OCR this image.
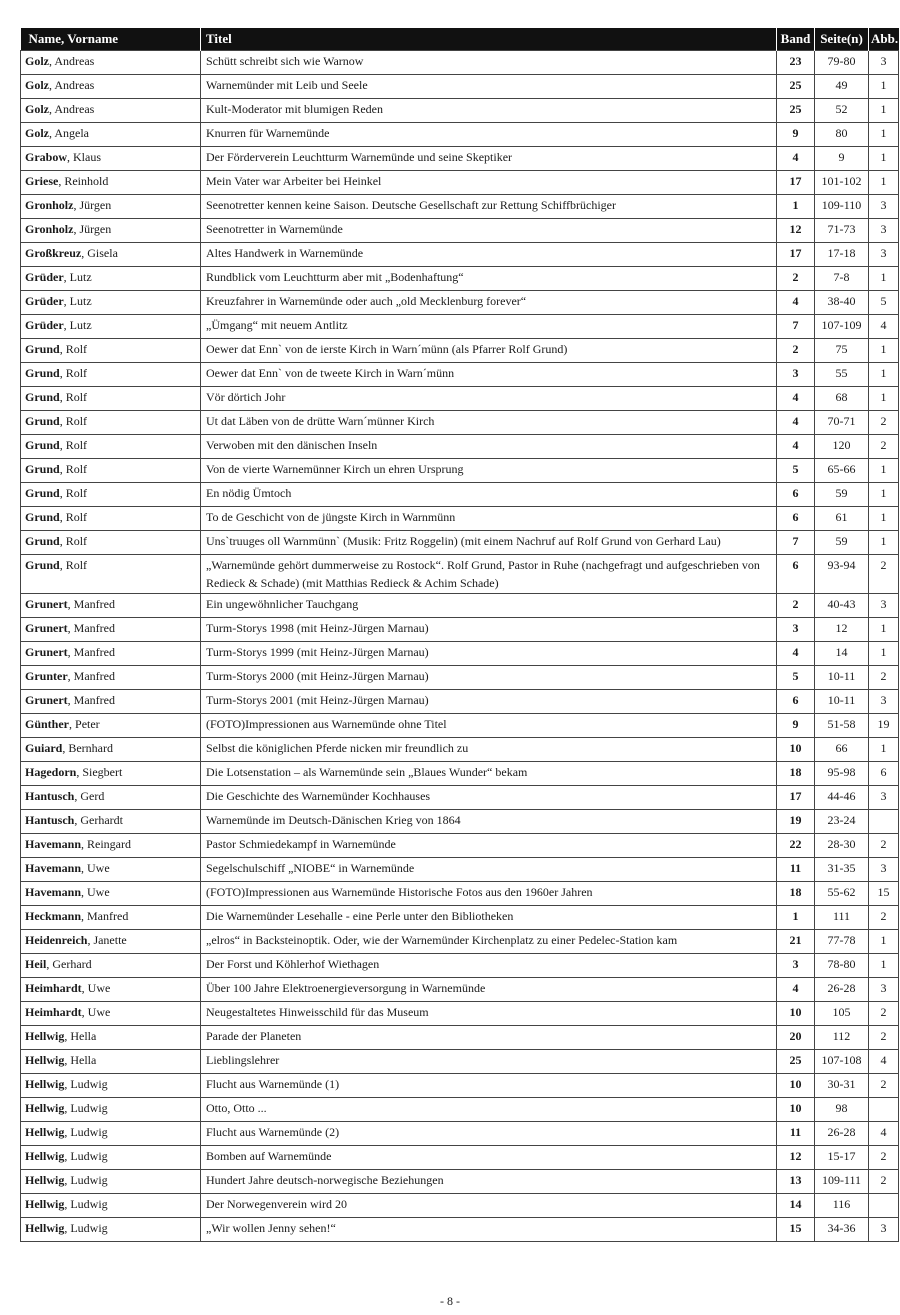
Name, Vorname	Titel	Band	Seite(n)	Abb.
Golz, Andreas	Schütt schreibt sich wie Warnow	23	79-80	3
Golz, Andreas	Warnemünder mit Leib und Seele	25	49	1
Golz, Andreas	Kult-Moderator mit blumigen Reden	25	52	1
Golz, Angela	Knurren für Warnemünde	9	80	1
Grabow, Klaus	Der Förderverein Leuchtturm Warnemünde und seine Skeptiker	4	9	1
Griese, Reinhold	Mein Vater war Arbeiter bei Heinkel	17	101-102	1
Gronholz, Jürgen	Seenotretter kennen keine Saison. Deutsche Gesellschaft zur Rettung Schiffbrüchiger	1	109-110	3
Gronholz, Jürgen	Seenotretter in Warnemünde	12	71-73	3
Großkreuz, Gisela	Altes Handwerk in Warnemünde	17	17-18	3
Grüder, Lutz	Rundblick vom Leuchtturm aber mit „Bodenhaftung“	2	7-8	1
Grüder, Lutz	Kreuzfahrer in Warnemünde oder auch „old Mecklenburg forever“	4	38-40	5
Grüder, Lutz	„Ümgang“ mit neuem Antlitz	7	107-109	4
Grund, Rolf	Oewer dat Enn` von de ierste Kirch in Warn´münn (als Pfarrer Rolf Grund)	2	75	1
Grund, Rolf	Oewer dat Enn` von de tweete Kirch in Warn´münn	3	55	1
Grund, Rolf	Vör dörtich Johr	4	68	1
Grund, Rolf	Ut dat Läben von de drütte Warn´münner Kirch	4	70-71	2
Grund, Rolf	Verwoben mit den dänischen Inseln	4	120	2
Grund, Rolf	Von de vierte Warnemünner Kirch un ehren Ursprung	5	65-66	1
Grund, Rolf	En nödig Ümtoch	6	59	1
Grund, Rolf	To de Geschicht von de jüngste Kirch in Warnmünn	6	61	1
Grund, Rolf	Uns`truuges oll Warnmünn` (Musik: Fritz Roggelin) (mit einem Nachruf auf Rolf Grund von Gerhard Lau)	7	59	1
Grund, Rolf	„Warnemünde gehört dummerweise zu Rostock“. Rolf Grund, Pastor in Ruhe (nachgefragt und aufgeschrieben von Redieck & Schade) (mit Matthias Redieck & Achim Schade)	6	93-94	2
Grunert, Manfred	Ein ungewöhnlicher Tauchgang	2	40-43	3
Grunert, Manfred	Turm-Storys 1998 (mit Heinz-Jürgen Marnau)	3	12	1
Grunert, Manfred	Turm-Storys 1999 (mit Heinz-Jürgen Marnau)	4	14	1
Grunter, Manfred	Turm-Storys 2000 (mit Heinz-Jürgen Marnau)	5	10-11	2
Grunert, Manfred	Turm-Storys 2001 (mit Heinz-Jürgen Marnau)	6	10-11	3
Günther, Peter	(FOTO)Impressionen aus Warnemünde ohne Titel	9	51-58	19
Guiard, Bernhard	Selbst die königlichen Pferde nicken mir freundlich zu	10	66	1
Hagedorn, Siegbert	Die Lotsenstation – als Warnemünde sein „Blaues Wunder“ bekam	18	95-98	6
Hantusch, Gerd	Die Geschichte des Warnemünder Kochhauses	17	44-46	3
Hantusch, Gerhardt	Warnemünde im Deutsch-Dänischen Krieg von 1864	19	23-24	
Havemann, Reingard	Pastor Schmiedekampf in Warnemünde	22	28-30	2
Havemann, Uwe	Segelschulschiff „NIOBE“ in Warnemünde	11	31-35	3
Havemann, Uwe	(FOTO)Impressionen aus Warnemünde Historische Fotos aus den 1960er Jahren	18	55-62	15
Heckmann, Manfred	Die Warnemünder Lesehalle - eine Perle unter den Bibliotheken	1	111	2
Heidenreich, Janette	„elros“ in Backsteinoptik. Oder, wie der Warnemünder Kirchenplatz zu einer Pedelec-Station kam	21	77-78	1
Heil, Gerhard	Der Forst und Köhlerhof Wiethagen	3	78-80	1
Heimhardt, Uwe	Über 100 Jahre Elektroenergieversorgung in Warnemünde	4	26-28	3
Heimhardt, Uwe	Neugestaltetes Hinweisschild für das Museum	10	105	2
Hellwig, Hella	Parade der Planeten	20	112	2
Hellwig, Hella	Lieblingslehrer	25	107-108	4
Hellwig, Ludwig	Flucht aus Warnemünde (1)	10	30-31	2
Hellwig, Ludwig	Otto, Otto ...	10	98	
Hellwig, Ludwig	Flucht aus Warnemünde (2)	11	26-28	4
Hellwig, Ludwig	Bomben auf Warnemünde	12	15-17	2
Hellwig, Ludwig	Hundert Jahre deutsch-norwegische Beziehungen	13	109-111	2
Hellwig, Ludwig	Der Norwegenverein wird 20	14	116	
Hellwig, Ludwig	„Wir wollen Jenny sehen!“	15	34-36	3
- 8 -
